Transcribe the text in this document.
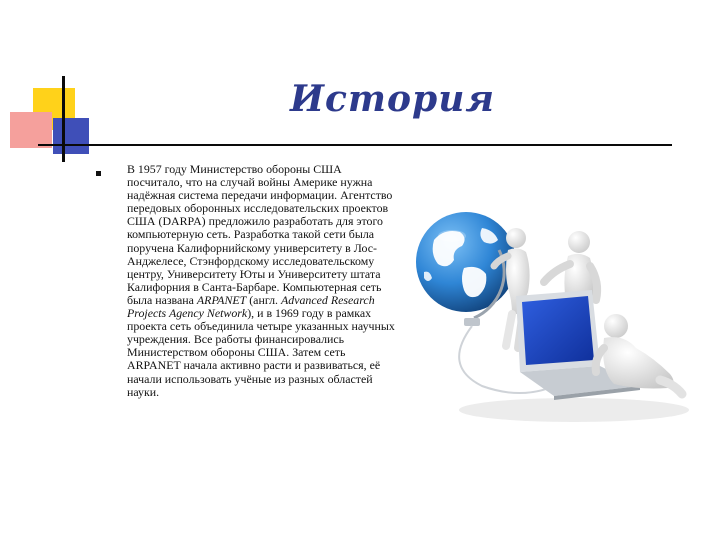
История

В 1957 году Министерство обороны США посчитало, что на случай войны Америке нужна надёжная система передачи информации. Агентство передовых оборонных исследовательских проектов США (DARPA) предложило разработать для этого компьютерную сеть. Разработка такой сети была поручена Калифорнийскому университету в Лос-Анджелесе, Стэнфордскому исследовательскому центру, Университету Юты и Университету штата Калифорния в Санта-Барбаре. Компьютерная сеть была названа ARPANET (англ. Advanced Research Projects Agency Network), и в 1969 году в рамках проекта сеть объединила четыре указанных научных учреждения. Все работы финансировались Министерством обороны США. Затем сеть ARPANET начала активно расти и развиваться, её начали использовать учёные из разных областей науки.
